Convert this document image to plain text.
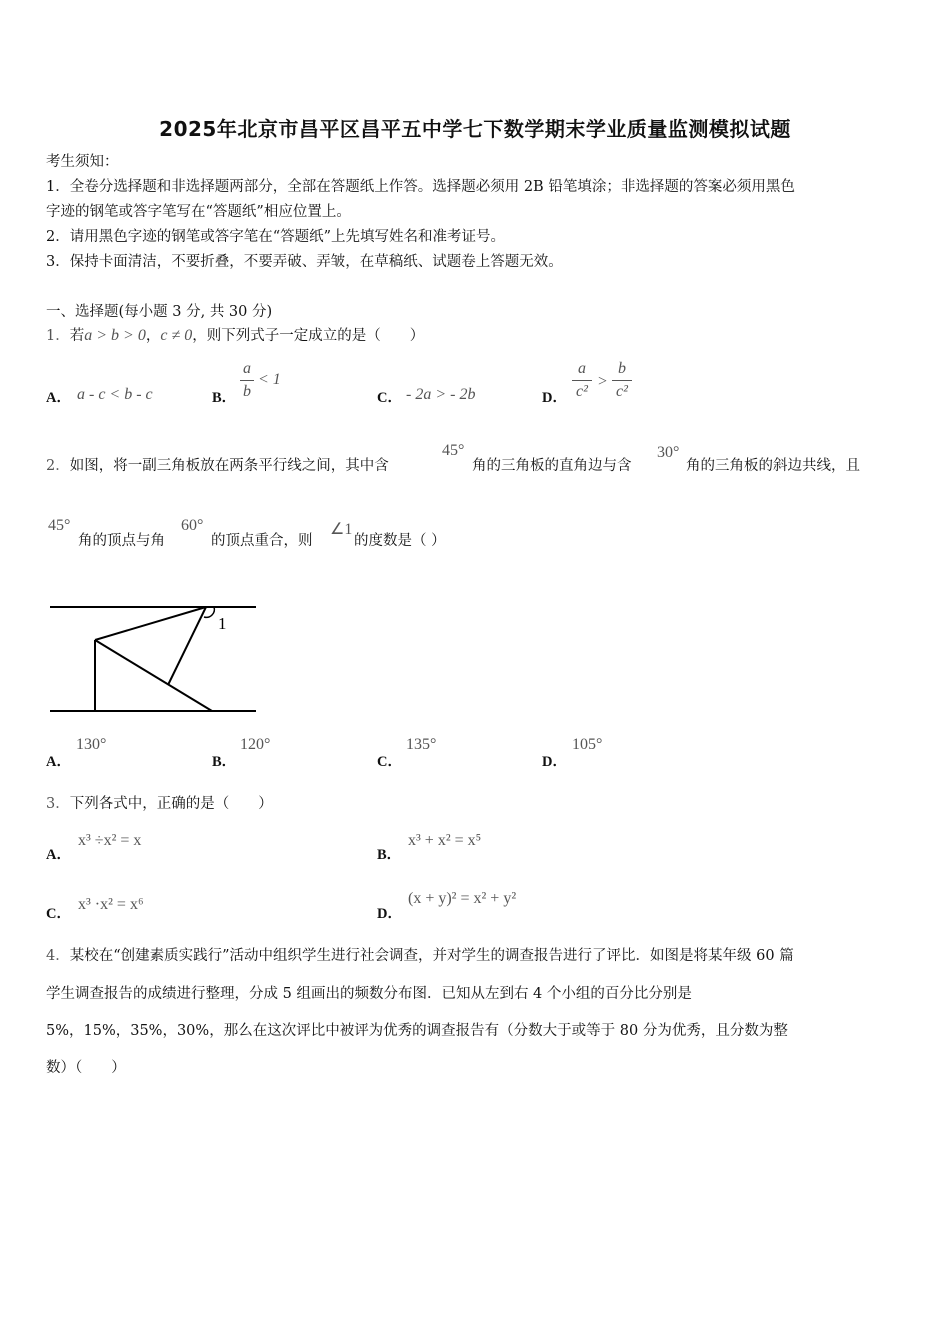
2025年北京市昌平区昌平五中学七下数学期末学业质量监测模拟试题
考生须知：
1．全卷分选择题和非选择题两部分，全部在答题纸上作答。选择题必须用 2B 铅笔填涂；非选择题的答案必须用黑色
字迹的钢笔或答字笔写在“答题纸”相应位置上。
2．请用黑色字迹的钢笔或答字笔在“答题纸”上先填写姓名和准考证号。
3．保持卡面清洁，不要折叠，不要弄破、弄皱，在草稿纸、试题卷上答题无效。
一、选择题(每小题 3 分, 共 30 分)
1．若a > b > 0，c ≠ 0，则下列式子一定成立的是（　　）
A． a - c < b - c	B．
a
b
< 1
C． - 2a > - 2b	D．
a
c²
>
b
c²
2．如图，将一副三角板放在两条平行线之间，其中含
45°
角的三角板的直角边与含
30°
角的三角板的斜边共线，且
45°
角的顶点与角
60°
的顶点重合，则
∠1
的度数是（ ）
1
A．
130°
B．
120°
C．
135°
D．
105°
3．下列各式中，正确的是（　　）
A．
x³ ÷x² = x
B．
x³ + x² = x⁵
C．
x³ ·x² = x⁶
D．
(x + y)² = x² + y²
4．某校在“创建素质实践行”活动中组织学生进行社会调查，并对学生的调查报告进行了评比．如图是将某年级 60 篇
学生调查报告的成绩进行整理，分成 5 组画出的频数分布图．已知从左到右 4 个小组的百分比分别是
5%，15%，35%，30%，那么在这次评比中被评为优秀的调查报告有（分数大于或等于 80 分为优秀，且分数为整
数）（　　）
